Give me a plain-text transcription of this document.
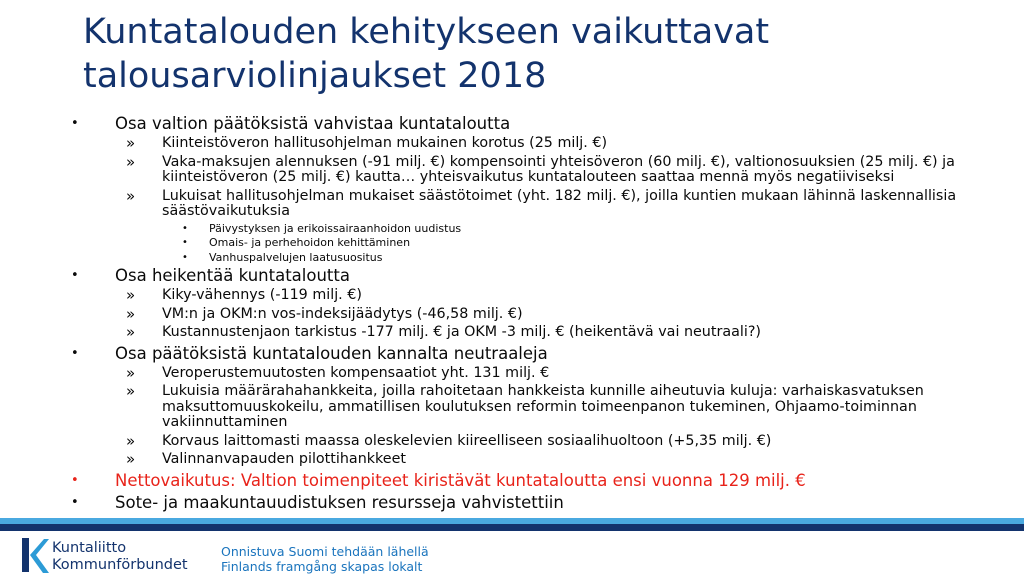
Kuntatalouden kehitykseen vaikuttavat
talousarviolinjaukset 2018
• Osa valtion päätöksistä vahvistaa kuntataloutta
» Kiinteistöveron hallitusohjelman mukainen korotus (25 milj. €)
» Vaka-maksujen alennuksen (-91 milj. €) kompensointi yhteisöveron (60 milj. €), valtionosuuksien (25 milj. €) ja kiinteistöveron (25 milj. €) kautta… yhteisvaikutus kuntatalouteen saattaa mennä myös negatiiviseksi
» Lukuisat hallitusohjelman mukaiset säästötoimet (yht. 182 milj. €), joilla kuntien mukaan lähinnä laskennallisia säästövaikutuksia
• Päivystyksen ja erikoissairaanhoidon uudistus
• Omais- ja perhehoidon kehittäminen
• Vanhuspalvelujen laatusuositus
• Osa heikentää kuntataloutta
» Kiky-vähennys (-119 milj. €)
» VM:n ja OKM:n vos-indeksijäädytys (-46,58 milj. €)
» Kustannustenjaon tarkistus -177 milj. € ja OKM -3 milj. € (heikentävä vai neutraali?)
• Osa päätöksistä kuntatalouden kannalta neutraaleja
» Veroperustemuutosten kompensaatiot yht. 131 milj. €
» Lukuisia määrärahahankkeita, joilla rahoitetaan hankkeista kunnille aiheutuvia kuluja: varhaiskasvatuksen maksuttomuuskokeilu, ammatillisen koulutuksen reformin toimeenpanon tukeminen, Ohjaamo-toiminnan vakiinnuttaminen
» Korvaus laittomasti maassa oleskelevien kiireelliseen sosiaalihuoltoon (+5,35 milj. €)
» Valinnanvapauden pilottihankkeet
• Nettovaikutus: Valtion toimenpiteet kiristävät kuntataloutta ensi vuonna 129 milj. €
• Sote- ja maakuntauudistuksen resursseja vahvistettiin
Kuntaliitto
Kommunförbundet
Onnistuva Suomi tehdään lähellä
Finlands framgång skapas lokalt
